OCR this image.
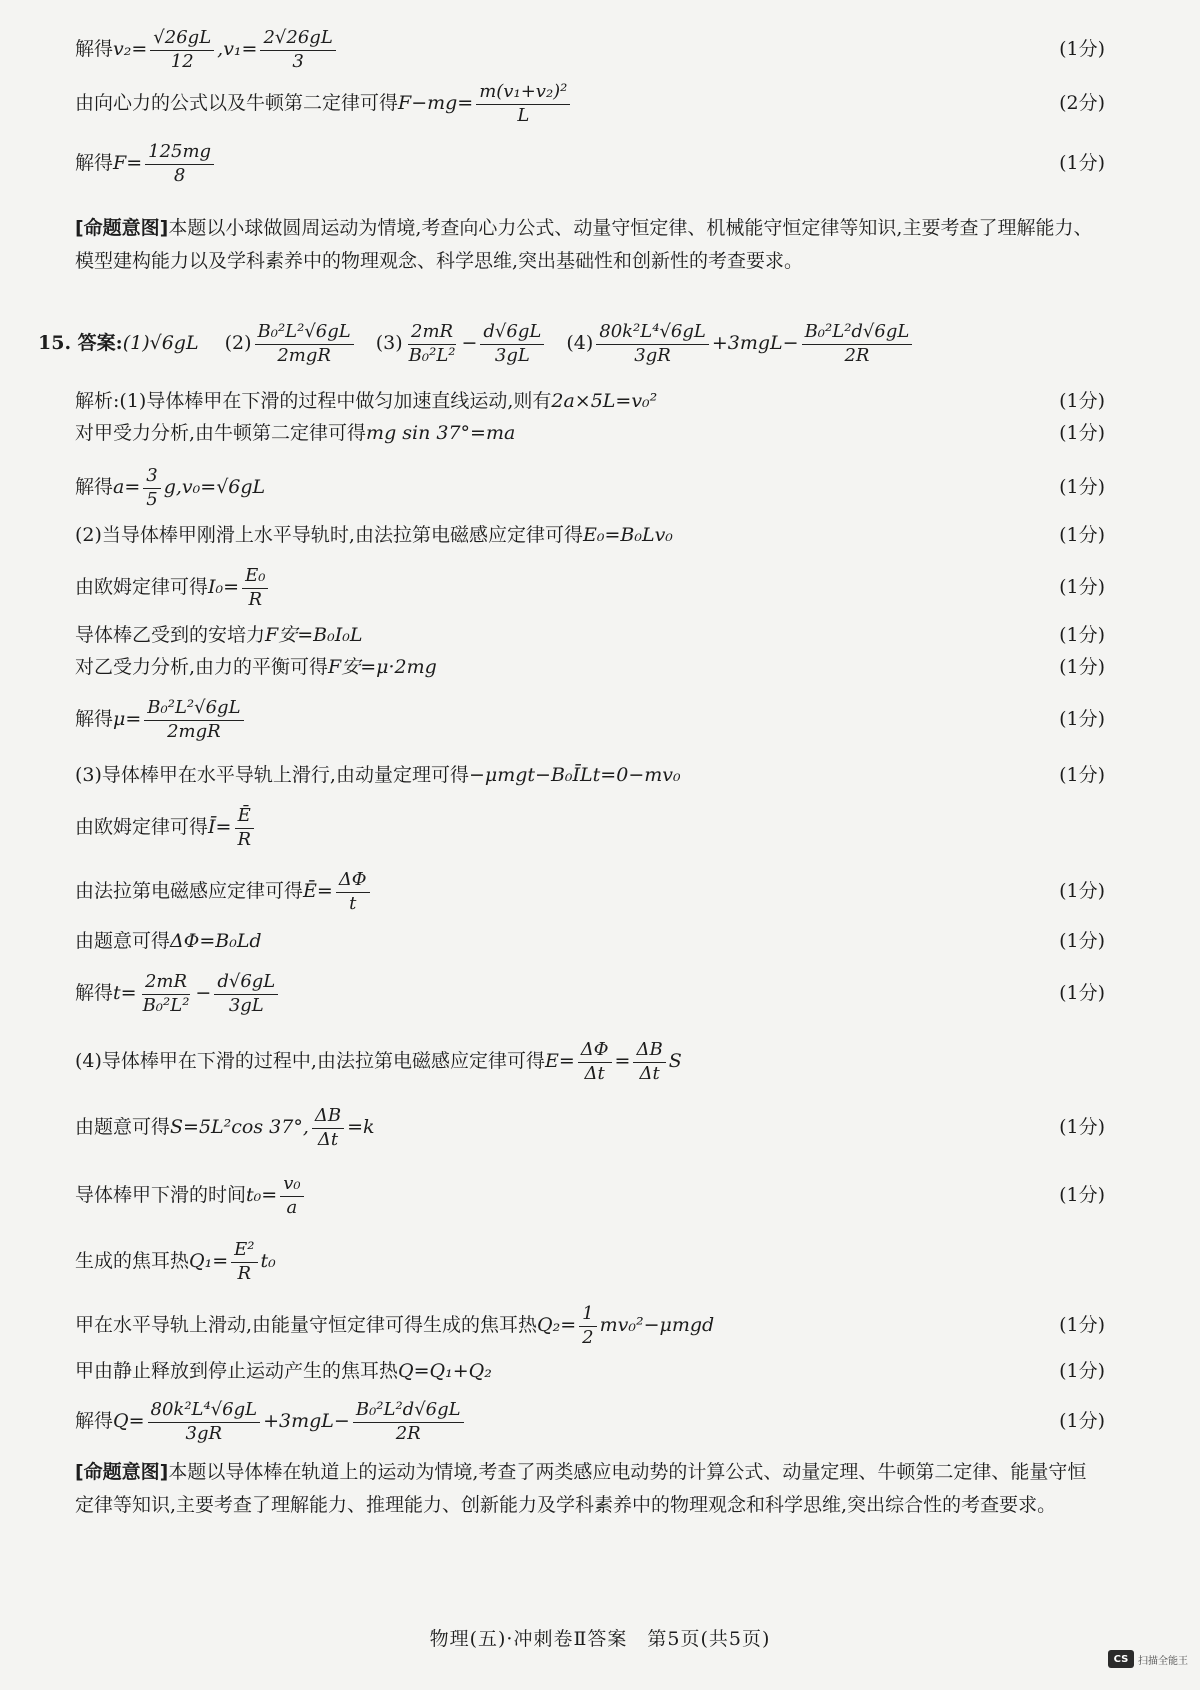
解得 $v_2= \frac{√26gL}{12} ,v_1= \frac{2√26gL}{3}$	(1分)
由向心力的公式以及牛顿第二定律可得 $F-mg= \frac{\text{m(v₁+v₂)²}}{L}$	(2分)
解得 $F= \frac{125mg}{8}$	(1分)
[命题意图]本题以小球做圆周运动为情境,考查向心力公式、动量守恒定律、机械能守恒定律等知识,主要考查了理解能力、模型建构能力以及学科素养中的物理观念、科学思维,突出基础性和创新性的考查要求。
15. 答案: (1)√6gL $(2) \frac{\text{B₀²L²√6gL}}{\text{2mgR}} (3) \frac{2mR}{\text{B₀²L²}} - \frac{d√6gL}{3gL} (4) \frac{\text{80k²L⁴√6gL}}{3gR} +3mgL- \frac{\text{B₀²L²d√6gL}}{2R}$
解析:(1)导体棒甲在下滑的过程中做匀加速直线运动,则有 2a×5L=v₀²	(1分)
对甲受力分析,由牛顿第二定律可得 mg sin 37°=ma	(1分)
解得 $a= \frac{3}{5} g,v_0=√6gL$	(1分)
(2)当导体棒甲刚滑上水平导轨时,由法拉第电磁感应定律可得 E₀=B₀Lv₀	(1分)
由欧姆定律可得 $I_0= \frac{\text{E₀}}{R}$	(1分)
导体棒乙受到的安培力 F安=B₀I₀L	(1分)
对乙受力分析,由力的平衡可得 F安=μ·2mg	(1分)
解得 $\mu= \frac{\text{B₀²L²√6gL}}{\text{2mgR}}$	(1分)
(3)导体棒甲在水平导轨上滑行,由动量定理可得 −μmgt−B₀ĪLt=0−mv₀	(1分)
由欧姆定律可得 Ī= $\frac{Ē}{R}$
由法拉第电磁感应定律可得 Ē= $\frac{\Delta\Phi}{t}$	(1分)
由题意可得 ΔΦ=B₀Ld	(1分)
解得 $t= \frac{2mR}{\text{B₀²L²}} - \frac{d√6gL}{3gL}$	(1分)
(4)导体棒甲在下滑的过程中,由法拉第电磁感应定律可得 $E= \frac{\Delta\Phi}{\Delta t} = \frac{\Delta B}{\Delta t}$ S
由题意可得 S=5L²cos 37°, $\frac{\Delta B}{\Delta t} =k$	(1分)
导体棒甲下滑的时间 $t_0= \frac{\text{v₀}}{a}$	(1分)
生成的焦耳热 $Q_1= \frac{\text{E²}}{R} t_0$
甲在水平导轨上滑动,由能量守恒定律可得生成的焦耳热 $Q_2= \frac{1}{2} mv_0^2-\mu mgd$	(1分)
甲由静止释放到停止运动产生的焦耳热 Q=Q₁+Q₂	(1分)
解得 $Q= \frac{\text{80k²L⁴√6gL}}{3gR} +3mgL- \frac{\text{B₀²L²d√6gL}}{2R}$	(1分)
[命题意图]本题以导体棒在轨道上的运动为情境,考查了两类感应电动势的计算公式、动量定理、牛顿第二定律、能量守恒定律等知识,主要考查了理解能力、推理能力、创新能力及学科素养中的物理观念和科学思维,突出综合性的考查要求。
物理(五)·冲刺卷Ⅱ答案　第5页(共5页)
CS 扫描全能王
